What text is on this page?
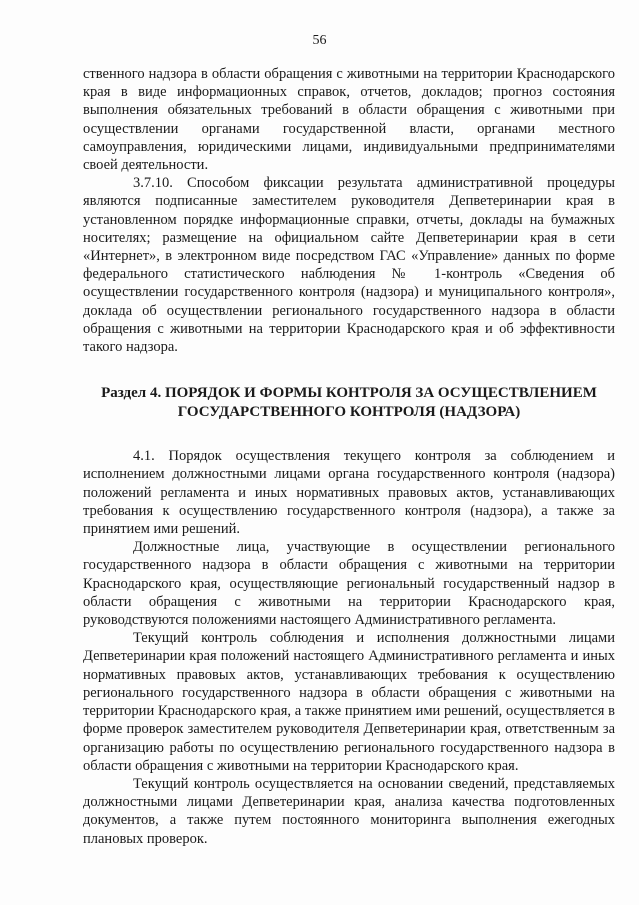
56

ственного надзора в области обращения с животными на территории Краснодарского края в виде информационных справок, отчетов, докладов; прогноз состояния выполнения обязательных требований в области обращения с животными при осуществлении органами государственной власти, органами местного самоуправления, юридическими лицами, индивидуальными предпринимателями своей деятельности.

3.7.10. Способом фиксации результата административной процедуры являются подписанные заместителем руководителя Депветеринарии края в установленном порядке информационные справки, отчеты, доклады на бумажных носителях; размещение на официальном сайте Депветеринарии края в сети «Интернет», в электронном виде посредством ГАС «Управление» данных по форме федерального статистического наблюдения № 1-контроль «Сведения об осуществлении государственного контроля (надзора) и муниципального контроля», доклада об осуществлении регионального государственного надзора в области обращения с животными на территории Краснодарского края и об эффективности такого надзора.

Раздел 4. ПОРЯДОК И ФОРМЫ КОНТРОЛЯ ЗА ОСУЩЕСТВЛЕНИЕМ
ГОСУДАРСТВЕННОГО КОНТРОЛЯ (НАДЗОРА)

4.1. Порядок осуществления текущего контроля за соблюдением и исполнением должностными лицами органа государственного контроля (надзора) положений регламента и иных нормативных правовых актов, устанавливающих требования к осуществлению государственного контроля (надзора), а также за принятием ими решений.

Должностные лица, участвующие в осуществлении регионального государственного надзора в области обращения с животными на территории Краснодарского края, осуществляющие региональный государственный надзор в области обращения с животными на территории Краснодарского края, руководствуются положениями настоящего Административного регламента.

Текущий контроль соблюдения и исполнения должностными лицами Депветеринарии края положений настоящего Административного регламента и иных нормативных правовых актов, устанавливающих требования к осуществлению регионального государственного надзора в области обращения с животными на территории Краснодарского края, а также принятием ими решений, осуществляется в форме проверок заместителем руководителя Депветеринарии края, ответственным за организацию работы по осуществлению регионального государственного надзора в области обращения с животными на территории Краснодарского края.

Текущий контроль осуществляется на основании сведений, представляемых должностными лицами Депветеринарии края, анализа качества подготовленных документов, а также путем постоянного мониторинга выполнения ежегодных плановых проверок.
